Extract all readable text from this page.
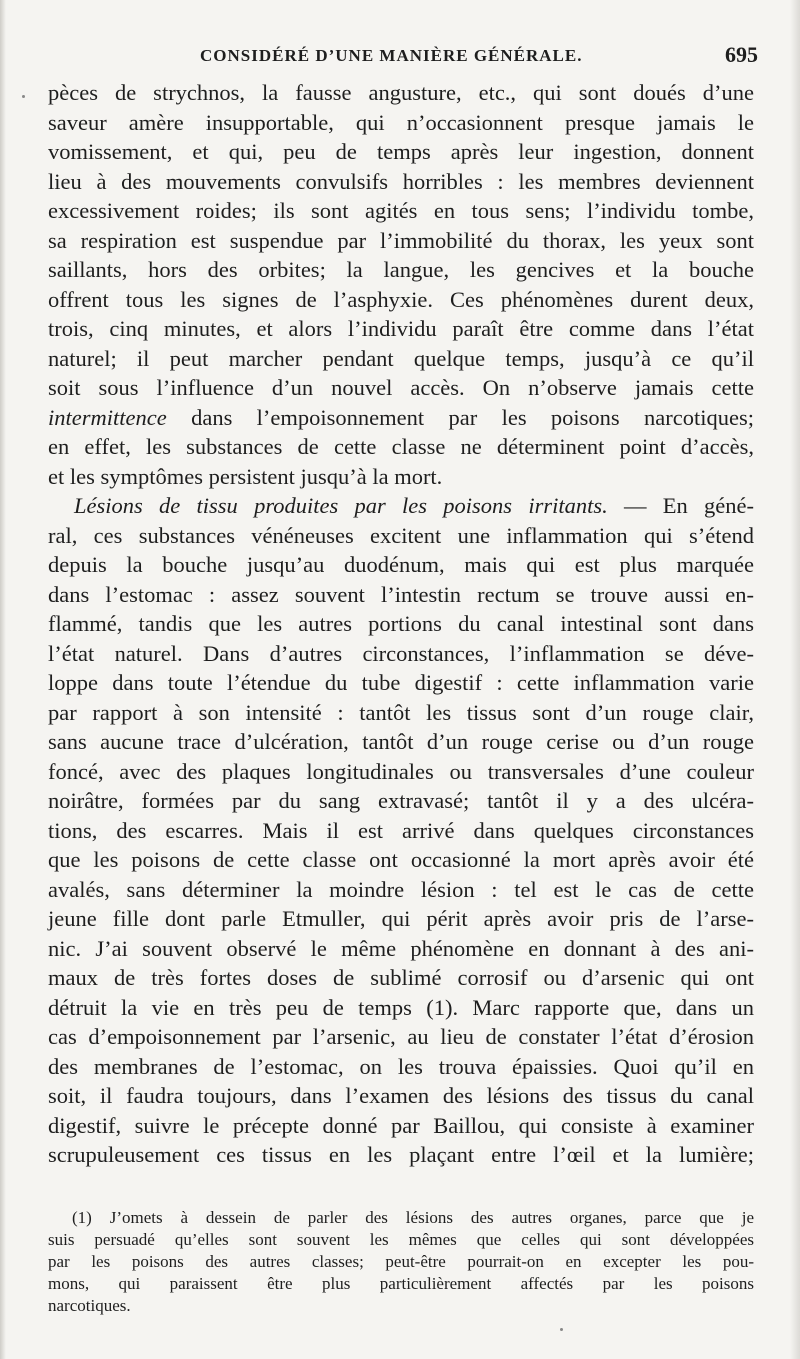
CONSIDÉRÉ D’UNE MANIÈRE GÉNÉRALE.	695
pèces de strychnos, la fausse angusture, etc., qui sont doués d’une
saveur amère insupportable, qui n’occasionnent presque jamais le
vomissement, et qui, peu de temps après leur ingestion, donnent
lieu à des mouvements convulsifs horribles : les membres deviennent
excessivement roides; ils sont agités en tous sens; l’individu tombe,
sa respiration est suspendue par l’immobilité du thorax, les yeux sont
saillants, hors des orbites; la langue, les gencives et la bouche
offrent tous les signes de l’asphyxie. Ces phénomènes durent deux,
trois, cinq minutes, et alors l’individu paraît être comme dans l’état
naturel; il peut marcher pendant quelque temps, jusqu’à ce qu’il
soit sous l’influence d’un nouvel accès. On n’observe jamais cette
intermittence dans l’empoisonnement par les poisons narcotiques;
en effet, les substances de cette classe ne déterminent point d’accès,
et les symptômes persistent jusqu’à la mort.
Lésions de tissu produites par les poisons irritants. — En géné-
ral, ces substances vénéneuses excitent une inflammation qui s’étend
depuis la bouche jusqu’au duodénum, mais qui est plus marquée
dans l’estomac : assez souvent l’intestin rectum se trouve aussi en-
flammé, tandis que les autres portions du canal intestinal sont dans
l’état naturel. Dans d’autres circonstances, l’inflammation se déve-
loppe dans toute l’étendue du tube digestif : cette inflammation varie
par rapport à son intensité : tantôt les tissus sont d’un rouge clair,
sans aucune trace d’ulcération, tantôt d’un rouge cerise ou d’un rouge
foncé, avec des plaques longitudinales ou transversales d’une couleur
noirâtre, formées par du sang extravasé; tantôt il y a des ulcéra-
tions, des escarres. Mais il est arrivé dans quelques circonstances
que les poisons de cette classe ont occasionné la mort après avoir été
avalés, sans déterminer la moindre lésion : tel est le cas de cette
jeune fille dont parle Etmuller, qui périt après avoir pris de l’arse-
nic. J’ai souvent observé le même phénomène en donnant à des ani-
maux de très fortes doses de sublimé corrosif ou d’arsenic qui ont
détruit la vie en très peu de temps (1). Marc rapporte que, dans un
cas d’empoisonnement par l’arsenic, au lieu de constater l’état d’érosion
des membranes de l’estomac, on les trouva épaissies. Quoi qu’il en
soit, il faudra toujours, dans l’examen des lésions des tissus du canal
digestif, suivre le précepte donné par Baillou, qui consiste à examiner
scrupuleusement ces tissus en les plaçant entre l’œil et la lumière;
(1) J’omets à dessein de parler des lésions des autres organes, parce que je
suis persuadé qu’elles sont souvent les mêmes que celles qui sont développées
par les poisons des autres classes; peut-être pourrait-on en excepter les pou-
mons, qui paraissent être plus particulièrement affectés par les poisons
narcotiques.
